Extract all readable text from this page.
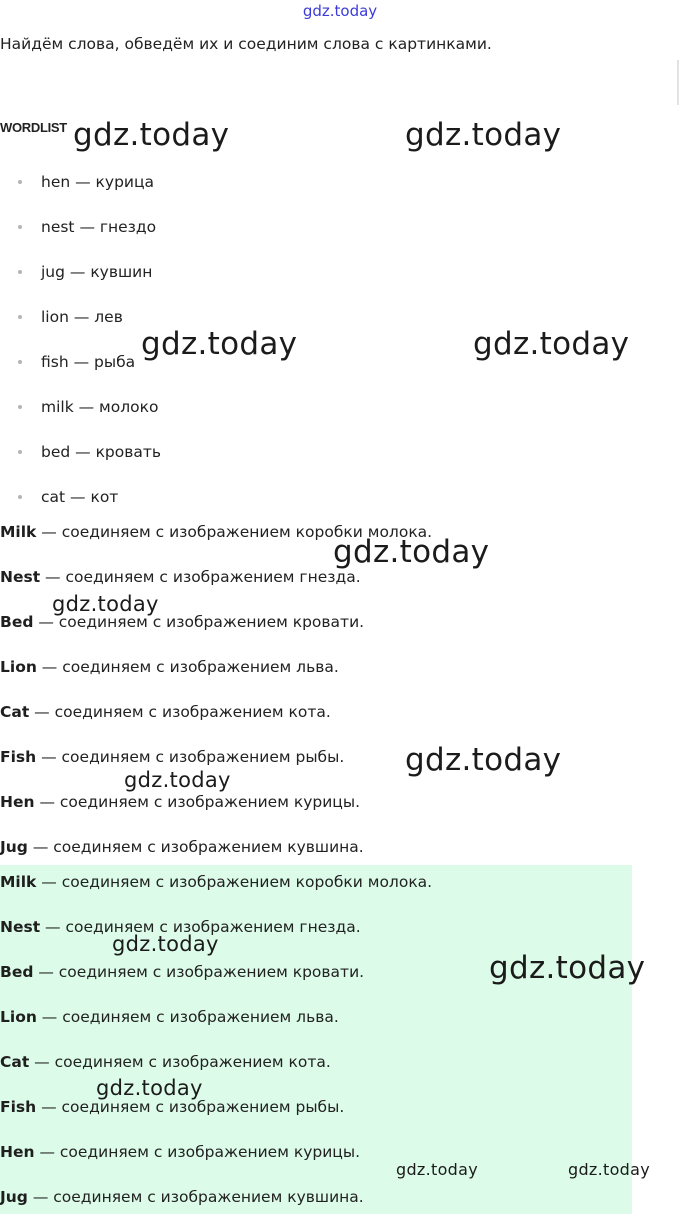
gdz.today
Найдём слова, обведём их и соединим слова с картинками.
WORDLIST
hen — курица
nest — гнездо
jug — кувшин
lion — лев
fish — рыба
milk — молоко
bed — кровать
cat — кот
Milk — соединяем с изображением коробки молока.
Nest — соединяем с изображением гнезда.
Bed — соединяем с изображением кровати.
Lion — соединяем с изображением льва.
Cat — соединяем с изображением кота.
Fish — соединяем с изображением рыбы.
Hen — соединяем с изображением курицы.
Jug — соединяем с изображением кувшина.
Milk — соединяем с изображением коробки молока.
Nest — соединяем с изображением гнезда.
Bed — соединяем с изображением кровати.
Lion — соединяем с изображением льва.
Cat — соединяем с изображением кота.
Fish — соединяем с изображением рыбы.
Hen — соединяем с изображением курицы.
Jug — соединяем с изображением кувшина.
gdz.today	gdz.today
gdz.today	gdz.today
gdz.today
gdz.today
gdz.today
gdz.today
gdz.today
gdz.today
gdz.today
gdz.today	gdz.today
